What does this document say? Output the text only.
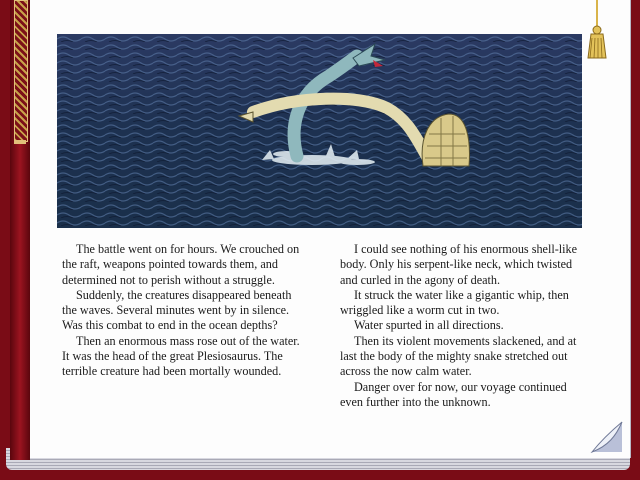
The battle went on for hours. We crouched on the raft, weapons pointed towards them, and determined not to perish without a struggle.

Suddenly, the creatures disappeared beneath the waves. Several minutes went by in silence. Was this combat to end in the ocean depths?

Then an enormous mass rose out of the water. It was the head of the great Plesiosaurus. The terrible creature had been mortally wounded.

I could see nothing of his enormous shell-like body. Only his serpent-like neck, which twisted and curled in the agony of death.

It struck the water like a gigantic whip, then wriggled like a worm cut in two.

Water spurted in all directions.

Then its violent movements slackened, and at last the body of the mighty snake stretched out across the now calm water.

Danger over for now, our voyage continued even further into the unknown.
